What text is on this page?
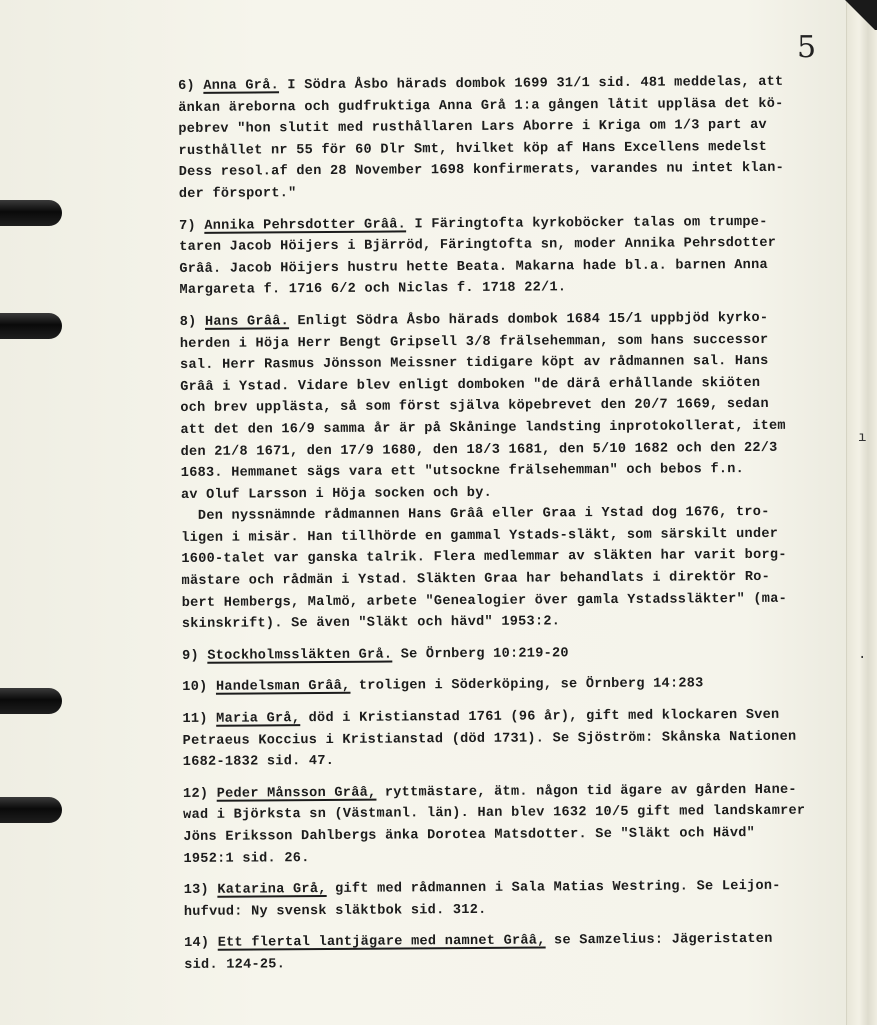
5
ı
·
6) Anna Grå. I Södra Åsbo härads dombok 1699 31/1 sid. 481 meddelas, att
änkan äreborna och gudfruktiga Anna Grå 1:a gången låtit uppläsa det kö-
pebrev "hon slutit med rusthållaren Lars Aborre i Kriga om 1/3 part av
rusthållet nr 55 för 60 Dlr Smt, hvilket köp af Hans Excellens medelst
Dess resol.af den 28 November 1698 konfirmerats, varandes nu intet klan-
der försport."
7) Annika Pehrsdotter Grââ. I Färingtofta kyrkoböcker talas om trumpe-
taren Jacob Höijers i Bjärröd, Färingtofta sn, moder Annika Pehrsdotter
Grââ. Jacob Höijers hustru hette Beata. Makarna hade bl.a. barnen Anna
Margareta f. 1716 6/2 och Niclas f. 1718 22/1.
8) Hans Grââ. Enligt Södra Åsbo härads dombok 1684 15/1 uppbjöd kyrko-
herden i Höja Herr Bengt Gripsell 3/8 frälsehemman, som hans successor
sal. Herr Rasmus Jönsson Meissner tidigare köpt av rådmannen sal. Hans
Grââ i Ystad. Vidare blev enligt domboken "de därå erhållande skiöten
och brev upplästa, så som först själva köpebrevet den 20/7 1669, sedan
att det den 16/9 samma år är på Skåninge landsting inprotokollerat, item
den 21/8 1671, den 17/9 1680, den 18/3 1681, den 5/10 1682 och den 22/3
1683. Hemmanet sägs vara ett "utsockne frälsehemman" och bebos f.n.
av Oluf Larsson i Höja socken och by.
Den nyssnämnde rådmannen Hans Grââ eller Graa i Ystad dog 1676, tro-
ligen i misär. Han tillhörde en gammal Ystads-släkt, som särskilt under
1600-talet var ganska talrik. Flera medlemmar av släkten har varit borg-
mästare och rådmän i Ystad. Släkten Graa har behandlats i direktör Ro-
bert Hembergs, Malmö, arbete "Genealogier över gamla Ystadssläkter" (ma-
skinskrift). Se även "Släkt och hävd" 1953:2.
9) Stockholmssläkten Grå. Se Örnberg 10:219-20
10) Handelsman Grââ, troligen i Söderköping, se Örnberg 14:283
11) Maria Grå, död i Kristianstad 1761 (96 år), gift med klockaren Sven
Petraeus Koccius i Kristianstad (död 1731). Se Sjöström: Skånska Nationen
1682-1832 sid. 47.
12) Peder Månsson Grââ, ryttmästare, ätm. någon tid ägare av gården Hane-
wad i Björksta sn (Västmanl. län). Han blev 1632 10/5 gift med landskamrer
Jöns Eriksson Dahlbergs änka Dorotea Matsdotter. Se "Släkt och Hävd"
1952:1 sid. 26.
13) Katarina Grå, gift med rådmannen i Sala Matias Westring. Se Leijon-
hufvud: Ny svensk släktbok sid. 312.
14) Ett flertal lantjägare med namnet Grââ, se Samzelius: Jägeristaten
sid. 124-25.
